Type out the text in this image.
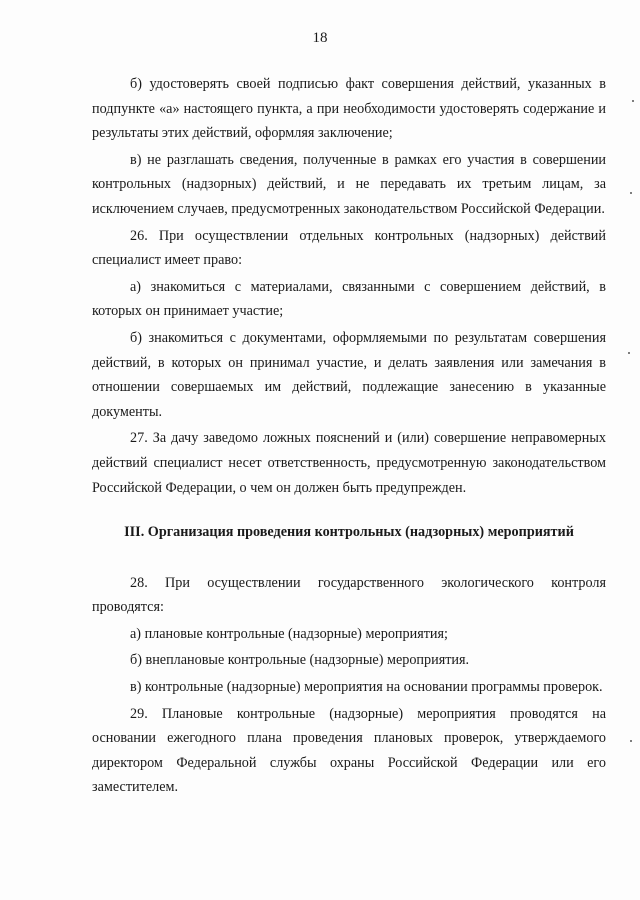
18

б) удостоверять своей подписью факт совершения действий, указанных в подпункте «а» настоящего пункта, а при необходимости удостоверять содержание и результаты этих действий, оформляя заключение;

в) не разглашать сведения, полученные в рамках его участия в совершении контрольных (надзорных) действий, и не передавать их третьим лицам, за исключением случаев, предусмотренных законодательством Российской Федерации.

26. При осуществлении отдельных контрольных (надзорных) действий специалист имеет право:

а) знакомиться с материалами, связанными с совершением действий, в которых он принимает участие;

б) знакомиться с документами, оформляемыми по результатам совершения действий, в которых он принимал участие, и делать заявления или замечания в отношении совершаемых им действий, подлежащие занесению в указанные документы.

27. За дачу заведомо ложных пояснений и (или) совершение неправомерных действий специалист несет ответственность, предусмотренную законодательством Российской Федерации, о чем он должен быть предупрежден.

III. Организация проведения контрольных (надзорных) мероприятий

28. При осуществлении государственного экологического контроля проводятся:

а) плановые контрольные (надзорные) мероприятия;

б) внеплановые контрольные (надзорные) мероприятия.

в) контрольные (надзорные) мероприятия на основании программы проверок.

29. Плановые контрольные (надзорные) мероприятия проводятся на основании ежегодного плана проведения плановых проверок, утверждаемого директором Федеральной службы охраны Российской Федерации или его заместителем.
